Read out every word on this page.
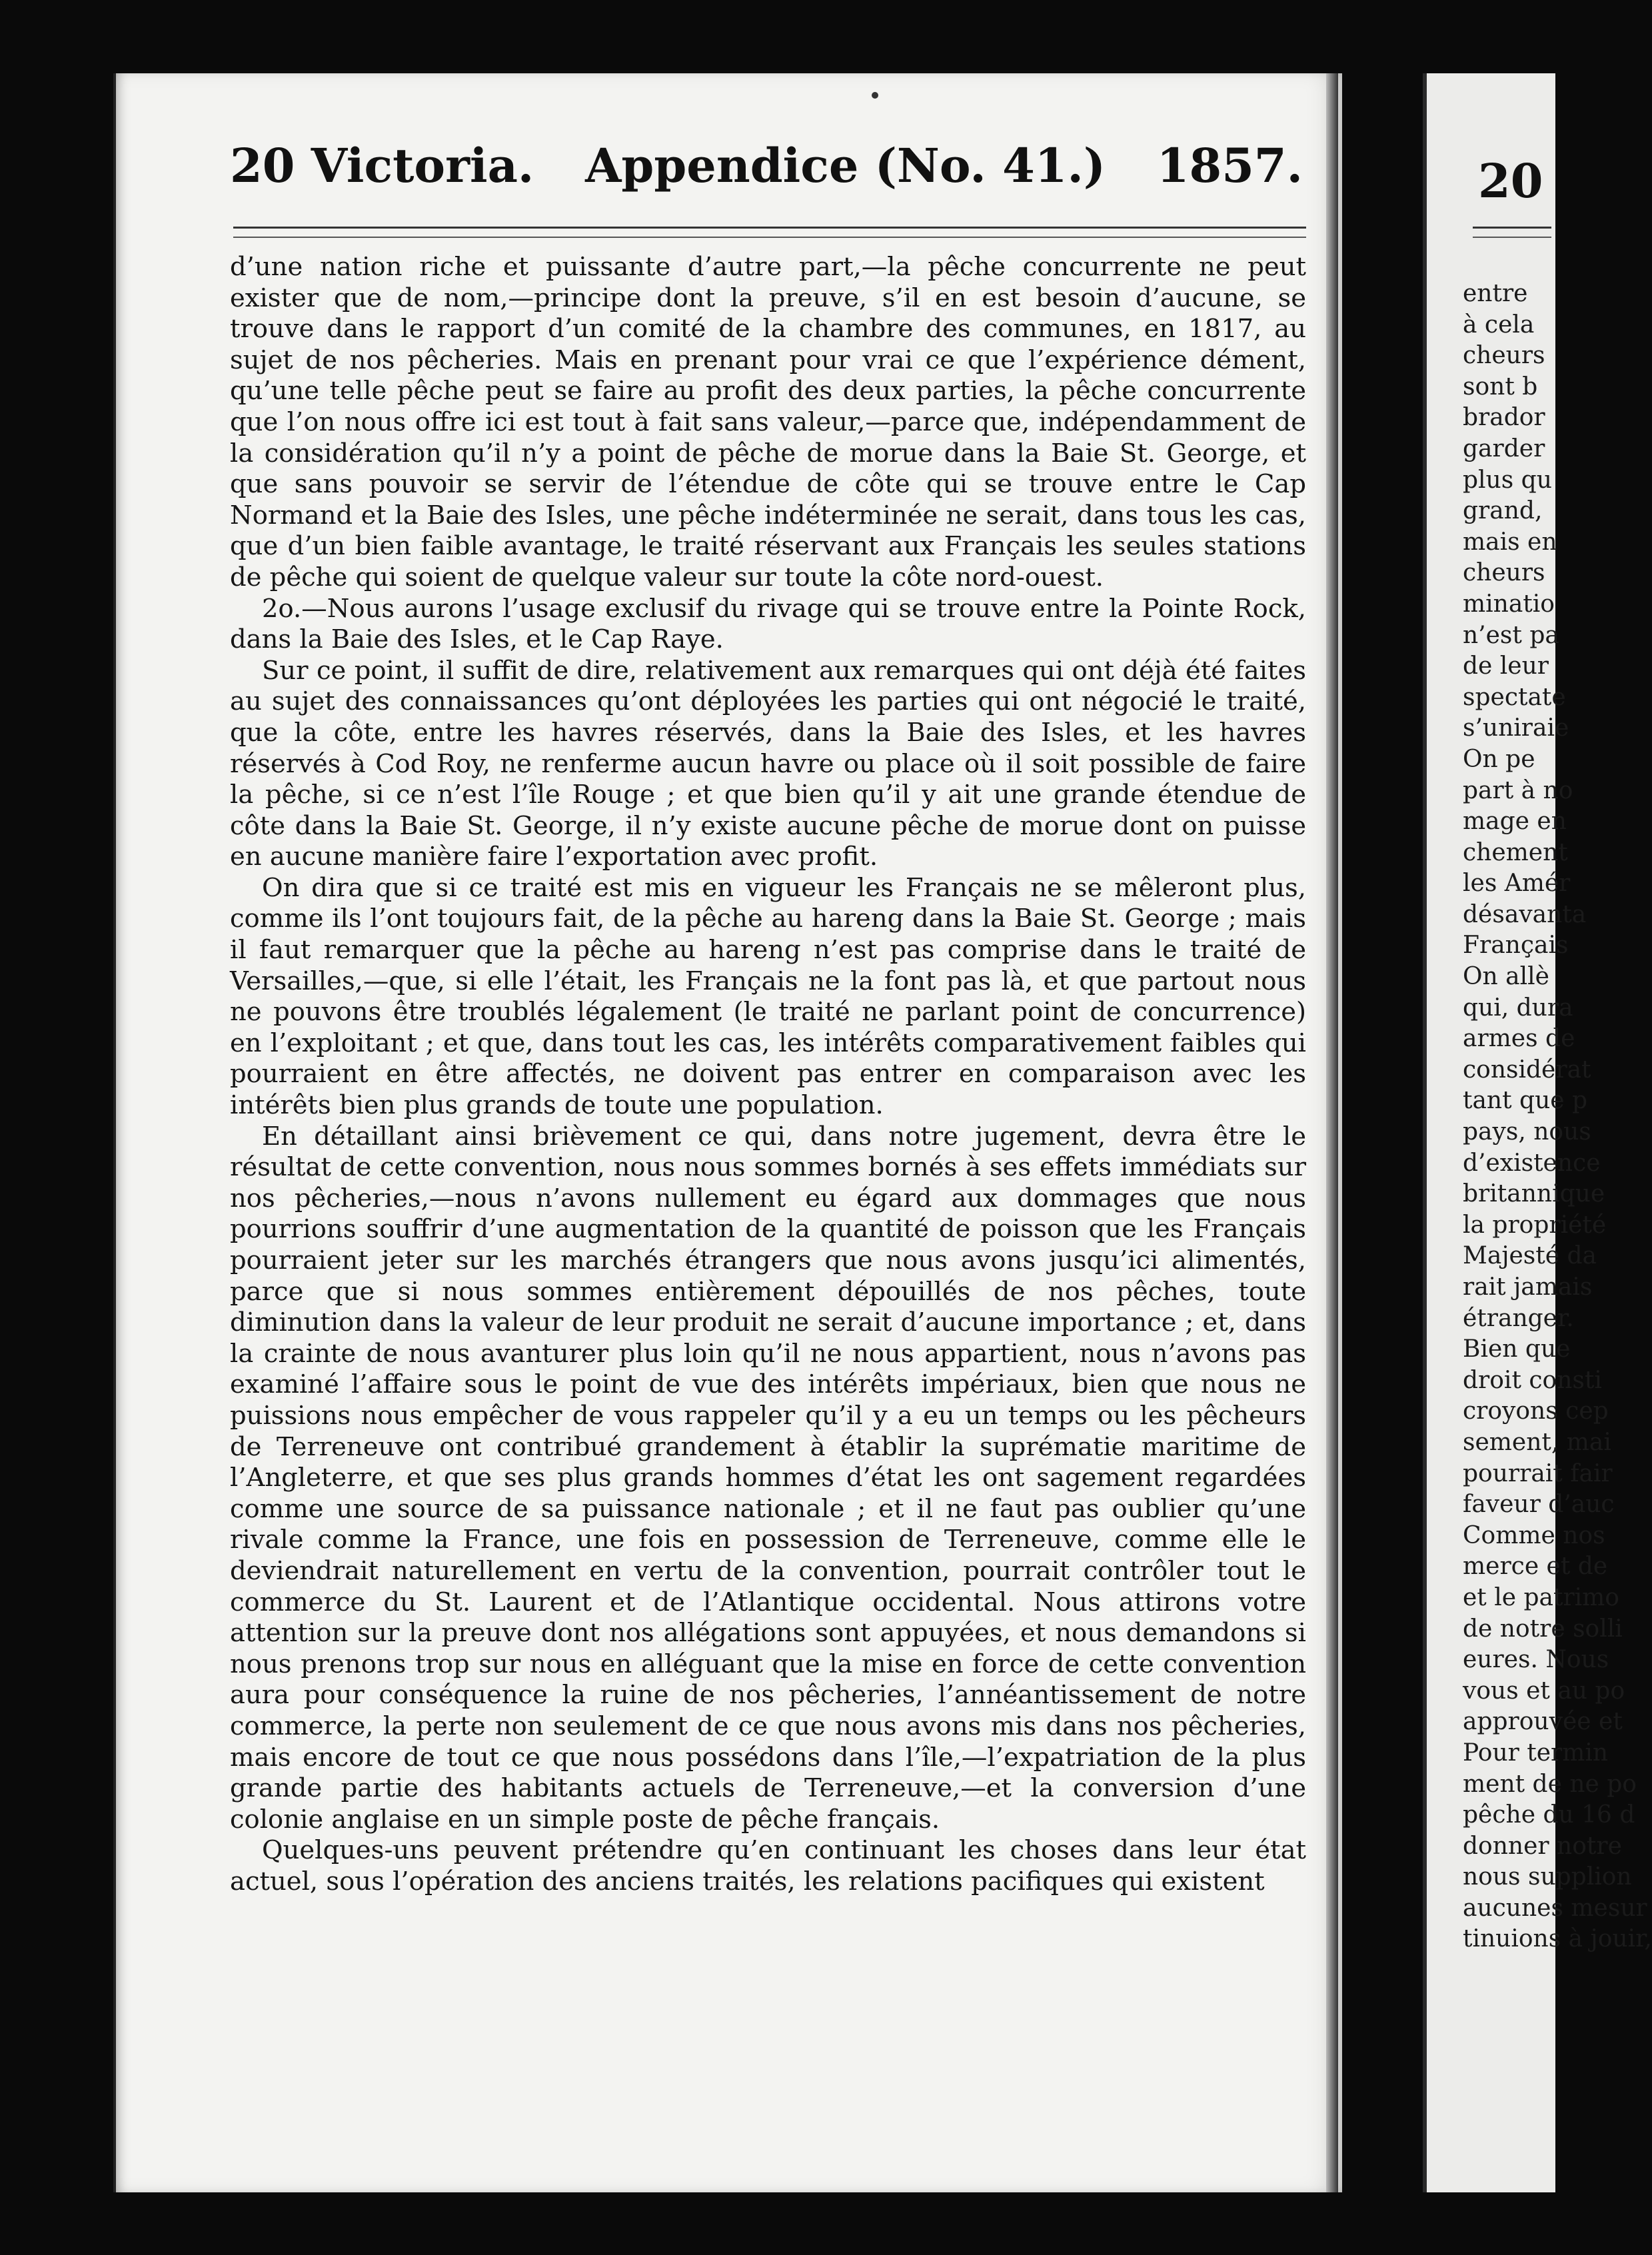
20 Victoria. Appendice (No. 41.) 1857.

d’une nation riche et puissante d’autre part,—la pêche concurrente ne peut exister que de nom,—principe dont la preuve, s’il en est besoin d’aucune, se trouve dans le rapport d’un comité de la chambre des communes, en 1817, au sujet de nos pêcheries. Mais en prenant pour vrai ce que l’expérience dément, qu’une telle pêche peut se faire au profit des deux parties, la pêche concurrente que l’on nous offre ici est tout à fait sans valeur,—parce que, indépendamment de la considération qu’il n’y a point de pêche de morue dans la Baie St. George, et que sans pouvoir se servir de l’étendue de côte qui se trouve entre le Cap Normand et la Baie des Isles, une pêche indéterminée ne serait, dans tous les cas, que d’un bien faible avantage, le traité réservant aux Français les seules stations de pêche qui soient de quelque valeur sur toute la côte nord-ouest.

2o.—Nous aurons l’usage exclusif du rivage qui se trouve entre la Pointe Rock, dans la Baie des Isles, et le Cap Raye.

Sur ce point, il suffit de dire, relativement aux remarques qui ont déjà été faites au sujet des connaissances qu’ont déployées les parties qui ont négocié le traité, que la côte, entre les havres réservés, dans la Baie des Isles, et les havres réservés à Cod Roy, ne renferme aucun havre ou place où il soit possible de faire la pêche, si ce n’est l’île Rouge ; et que bien qu’il y ait une grande étendue de côte dans la Baie St. George, il n’y existe aucune pêche de morue dont on puisse en aucune manière faire l’exportation avec profit.

On dira que si ce traité est mis en vigueur les Français ne se mêleront plus, comme ils l’ont toujours fait, de la pêche au hareng dans la Baie St. George ; mais il faut remarquer que la pêche au hareng n’est pas comprise dans le traité de Versailles,—que, si elle l’était, les Français ne la font pas là, et que partout nous ne pouvons être troublés légalement (le traité ne parlant point de concurrence) en l’exploitant ; et que, dans tout les cas, les intérêts comparativement faibles qui pourraient en être affectés, ne doivent pas entrer en comparaison avec les intérêts bien plus grands de toute une population.

En détaillant ainsi brièvement ce qui, dans notre jugement, devra être le résultat de cette convention, nous nous sommes bornés à ses effets immédiats sur nos pêcheries,—nous n’avons nullement eu égard aux dommages que nous pourrions souffrir d’une augmentation de la quantité de poisson que les Français pourraient jeter sur les marchés étrangers que nous avons jusqu’ici alimentés, parce que si nous sommes entièrement dépouillés de nos pêches, toute diminution dans la valeur de leur produit ne serait d’aucune importance ; et, dans la crainte de nous avanturer plus loin qu’il ne nous appartient, nous n’avons pas examiné l’affaire sous le point de vue des intérêts impériaux, bien que nous ne puissions nous empêcher de vous rappeler qu’il y a eu un temps ou les pêcheurs de Terreneuve ont contribué grandement à établir la suprématie maritime de l’Angleterre, et que ses plus grands hommes d’état les ont sagement regardées comme une source de sa puissance nationale ; et il ne faut pas oublier qu’une rivale comme la France, une fois en possession de Terreneuve, comme elle le deviendrait naturellement en vertu de la convention, pourrait contrôler tout le commerce du St. Laurent et de l’Atlantique occidental. Nous attirons votre attention sur la preuve dont nos allégations sont appuyées, et nous demandons si nous prenons trop sur nous en alléguant que la mise en force de cette convention aura pour conséquence la ruine de nos pêcheries, l’annéantissement de notre commerce, la perte non seulement de ce que nous avons mis dans nos pêcheries, mais encore de tout ce que nous possédons dans l’île,—l’expatriation de la plus grande partie des habitants actuels de Terreneuve,—et la conversion d’une colonie anglaise en un simple poste de pêche français.

Quelques-uns peuvent prétendre qu’en continuant les choses dans leur état actuel, sous l’opération des anciens traités, les relations pacifiques qui existent

20
entre
à cela
cheurs
sont b
brador
garder
plus qu
grand,
mais en
cheurs
minatio
n’est pa
de leur
spectate
s’uniraie
On pe
part à no
mage en
chement
les Amér
désavanta
Français
On allè
qui, dura
armes de
considérat
tant que p
pays, nous
d’existence
britannique
la propriété
Majesté da
rait jamais
étranger.
Bien que
droit consti
croyons cep
sement, mai
pourrait fair
faveur d’auc
Comme nos
merce et de
et le patrimo
de notre solli
eures. Nous
vous et au po
approuvée et
Pour termin
ment de ne po
pêche du 16 d
donner notre
nous supplion
aucunes mesur
tinuions à jouir,
